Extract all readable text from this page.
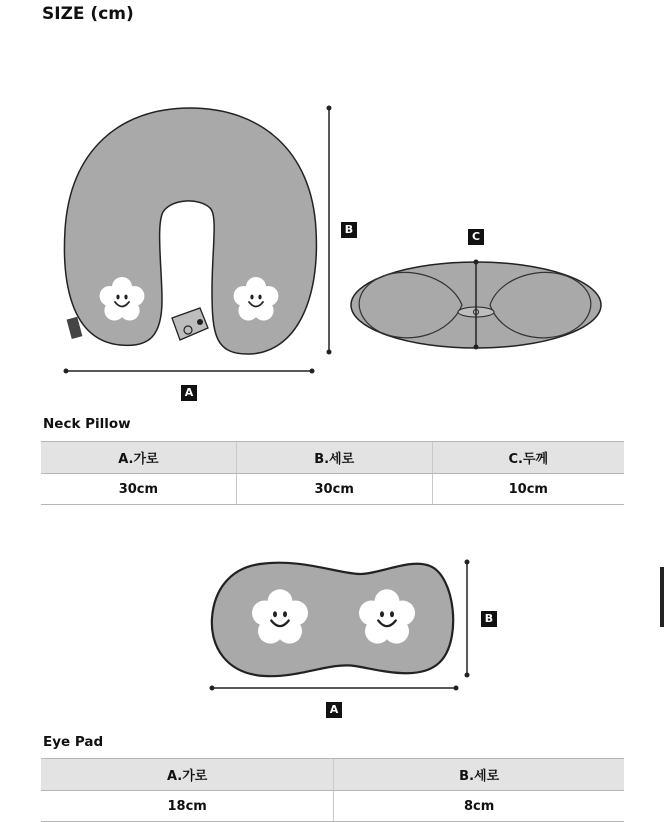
SIZE (cm)
B
A
C
B
A
Neck Pillow
A.가로	B.세로	C.두께
30cm	30cm	10cm
Eye Pad
A.가로	B.세로
18cm	8cm
